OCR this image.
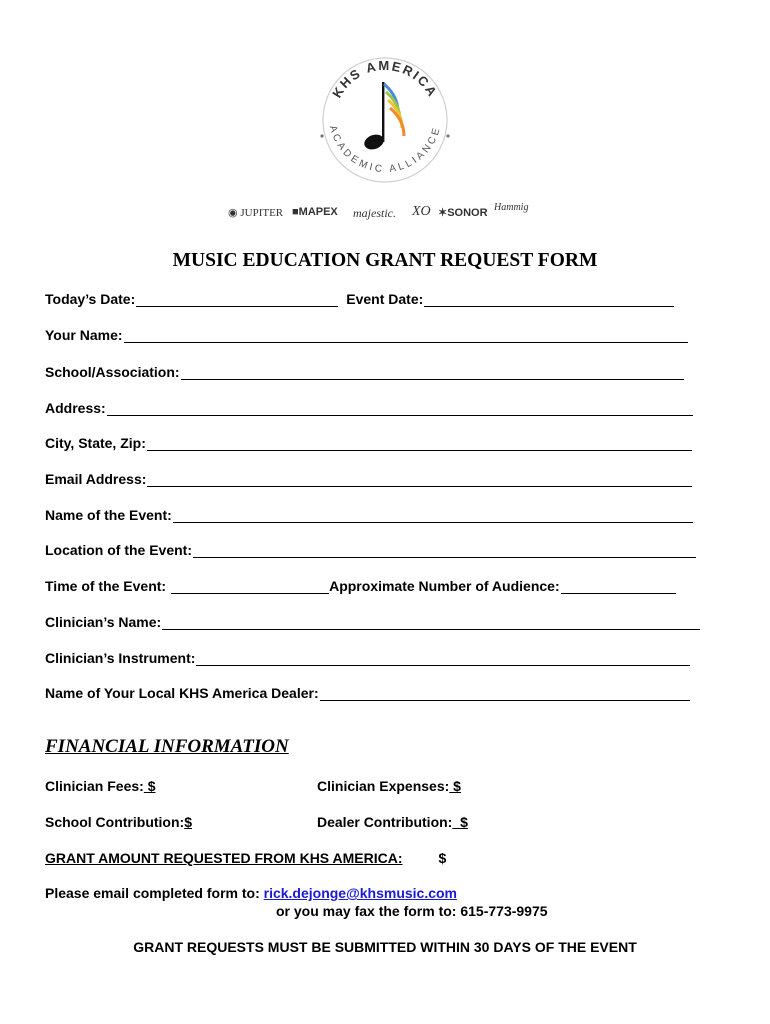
KHS AMERICA
ACADEMIC ALLIANCE
◉ JUPITER ■MAPEX majestic. XO ✶SONOR Hammig
MUSIC EDUCATION GRANT REQUEST FORM
Today’s Date:	Event Date:
Your Name:
School/Association:
Address:
City, State, Zip:
Email Address:
Name of the Event:
Location of the Event:
Time of the Event:	Approximate Number of Audience:
Clinician’s Name:
Clinician’s Instrument:
Name of Your Local KHS America Dealer:
FINANCIAL INFORMATION
Clinician Fees: $	Clinician Expenses: $
School Contribution:$	Dealer Contribution: $
GRANT AMOUNT REQUESTED FROM KHS AMERICA:	$
Please email completed form to: rick.dejonge@khsmusic.com
or you may fax the form to: 615-773-9975
GRANT REQUESTS MUST BE SUBMITTED WITHIN 30 DAYS OF THE EVENT
